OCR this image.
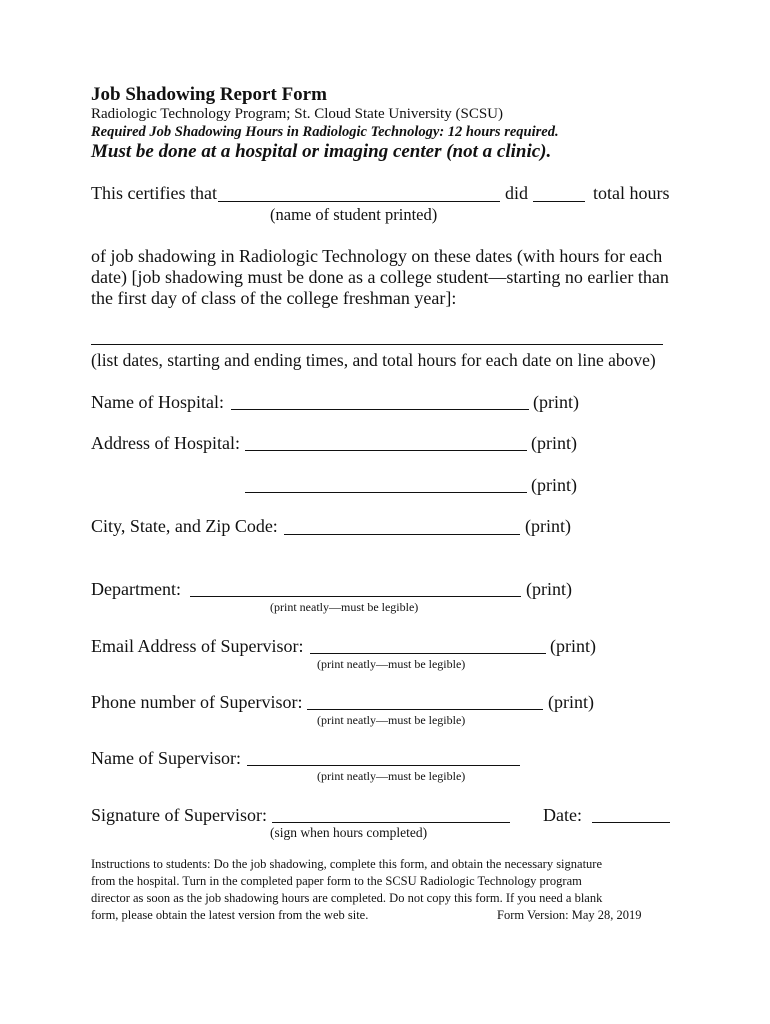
Job Shadowing Report Form
Radiologic Technology Program; St. Cloud State University (SCSU)
Required Job Shadowing Hours in Radiologic Technology: 12 hours required.
Must be done at a hospital or imaging center (not a clinic).
This certifies that	did	total hours
(name of student printed)
of job shadowing in Radiologic Technology on these dates (with hours for each
date) [job shadowing must be done as a college student—starting no earlier than
the first day of class of the college freshman year]:
(list dates, starting and ending times, and total hours for each date on line above)
Name of Hospital:	(print)
Address of Hospital:	(print)
(print)
City, State, and Zip Code:	(print)
Department:	(print)
(print neatly—must be legible)
Email Address of Supervisor:	(print)
(print neatly—must be legible)
Phone number of Supervisor:	(print)
(print neatly—must be legible)
Name of Supervisor:
(print neatly—must be legible)
Signature of Supervisor:	Date:
(sign when hours completed)
Instructions to students: Do the job shadowing, complete this form, and obtain the necessary signature
from the hospital. Turn in the completed paper form to the SCSU Radiologic Technology program
director as soon as the job shadowing hours are completed. Do not copy this form. If you need a blank
form, please obtain the latest version from the web site.	Form Version: May 28, 2019
